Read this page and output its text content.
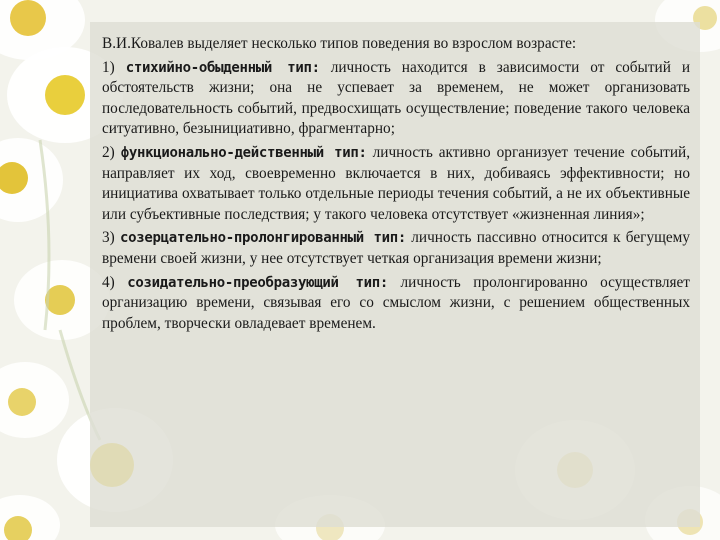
В.И.Ковалев выделяет несколько типов поведения во взрослом возрасте:

1) стихийно-обыденный тип: личность находится в зависимости от событий и обстоятельств жизни; она не успевает за временем, не может организовать последовательность событий, предвосхищать осуществление; поведение такого человека ситуативно, безынициативно, фрагментарно;

2) функционально-действенный тип: личность активно организует течение событий, направляет их ход, своевременно включается в них, добиваясь эффективности; но инициатива охватывает только отдельные периоды течения событий, а не их объективные или субъективные последствия; у такого человека отсутствует «жизненная линия»;

3) созерцательно-пролонгированный тип: личность пассивно относится к бегущему времени своей жизни, у нее отсутствует четкая организация времени жизни;

4) созидательно-преобразующий тип: личность пролонгированно осуществляет организацию времени, связывая его со смыслом жизни, с решением общественных проблем, творчески овладевает временем.
